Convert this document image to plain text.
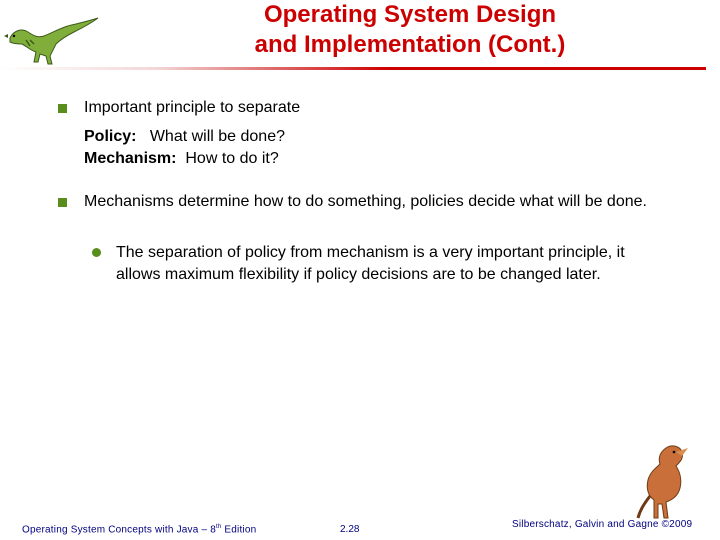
Operating System Design
and Implementation (Cont.)
Important principle to separate
Policy: What will be done?
Mechanism: How to do it?
Mechanisms determine how to do something, policies decide what will be done.
The separation of policy from mechanism is a very important principle, it allows maximum flexibility if policy decisions are to be changed later.
Operating System Concepts with Java – 8th Edition	2.28	Silberschatz, Galvin and Gagne ©2009
